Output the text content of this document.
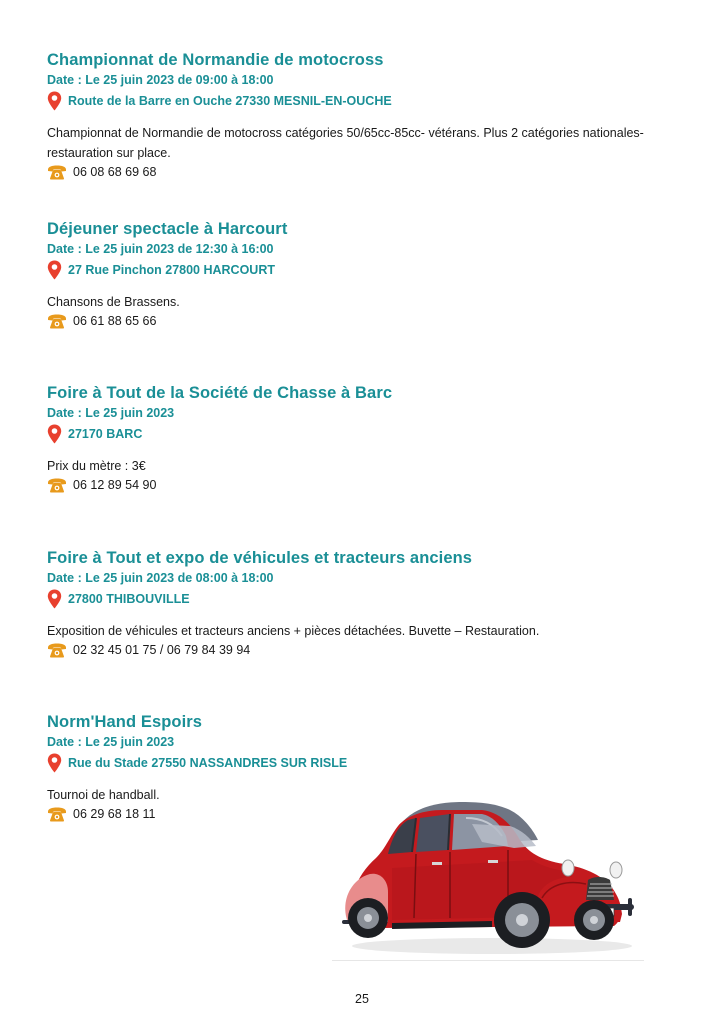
Championnat de Normandie de motocross
Date : Le 25 juin 2023 de 09:00 à 18:00
Route de la Barre en Ouche 27330 MESNIL-EN-OUCHE

Championnat de Normandie de motocross catégories 50/65cc-85cc- vétérans. Plus 2 catégories nationales- restauration sur place.

06 08 68 69 68
Déjeuner spectacle à Harcourt
Date : Le 25 juin 2023 de 12:30 à 16:00
27 Rue Pinchon 27800 HARCOURT

Chansons de Brassens.

06 61 88 65 66
Foire à Tout de la Société de Chasse à Barc
Date : Le 25 juin 2023
27170 BARC

Prix du mètre : 3€

06 12 89 54 90
Foire à Tout et expo de véhicules et tracteurs anciens
Date : Le 25 juin 2023 de 08:00 à 18:00
27800 THIBOUVILLE

Exposition de véhicules et tracteurs anciens + pièces détachées. Buvette – Restauration.

02 32 45 01 75 / 06 79 84 39 94
Norm'Hand Espoirs
Date : Le 25 juin 2023
Rue du Stade 27550 NASSANDRES SUR RISLE

Tournoi de handball.

06 29 68 18 11
25
